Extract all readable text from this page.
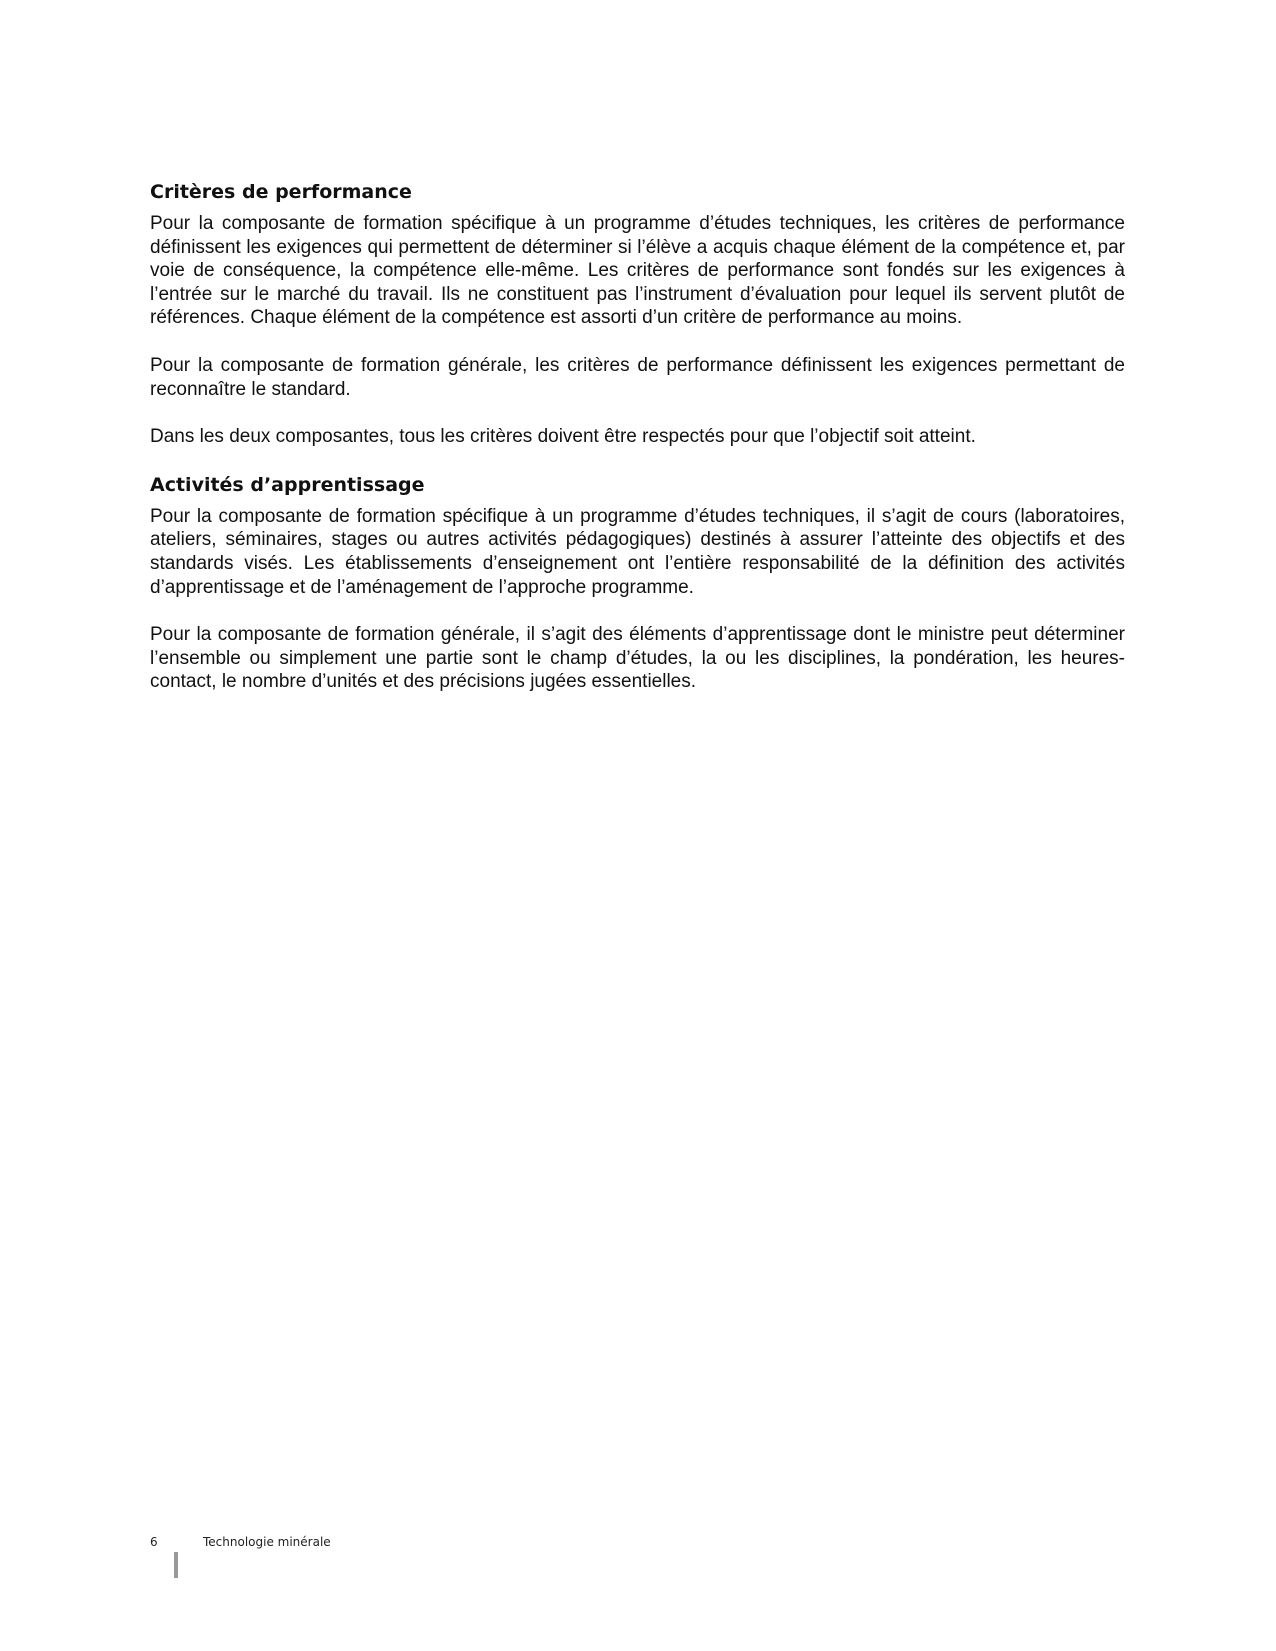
Critères de performance

Pour la composante de formation spécifique à un programme d’études techniques, les critères de performance définissent les exigences qui permettent de déterminer si l’élève a acquis chaque élément de la compétence et, par voie de conséquence, la compétence elle-même. Les critères de performance sont fondés sur les exigences à l’entrée sur le marché du travail. Ils ne constituent pas l’instrument d’évaluation pour lequel ils servent plutôt de références. Chaque élément de la compétence est assorti d’un critère de performance au moins.

Pour la composante de formation générale, les critères de performance définissent les exigences permettant de reconnaître le standard.

Dans les deux composantes, tous les critères doivent être respectés pour que l’objectif soit atteint.

Activités d’apprentissage

Pour la composante de formation spécifique à un programme d’études techniques, il s’agit de cours (laboratoires, ateliers, séminaires, stages ou autres activités pédagogiques) destinés à assurer l’atteinte des objectifs et des standards visés. Les établissements d’enseignement ont l’entière responsabilité de la définition des activités d’apprentissage et de l’aménagement de l’approche programme.

Pour la composante de formation générale, il s’agit des éléments d’apprentissage dont le ministre peut déterminer l’ensemble ou simplement une partie sont le champ d’études, la ou les disciplines, la pondération, les heures-contact, le nombre d’unités et des précisions jugées essentielles.

6	Technologie minérale
